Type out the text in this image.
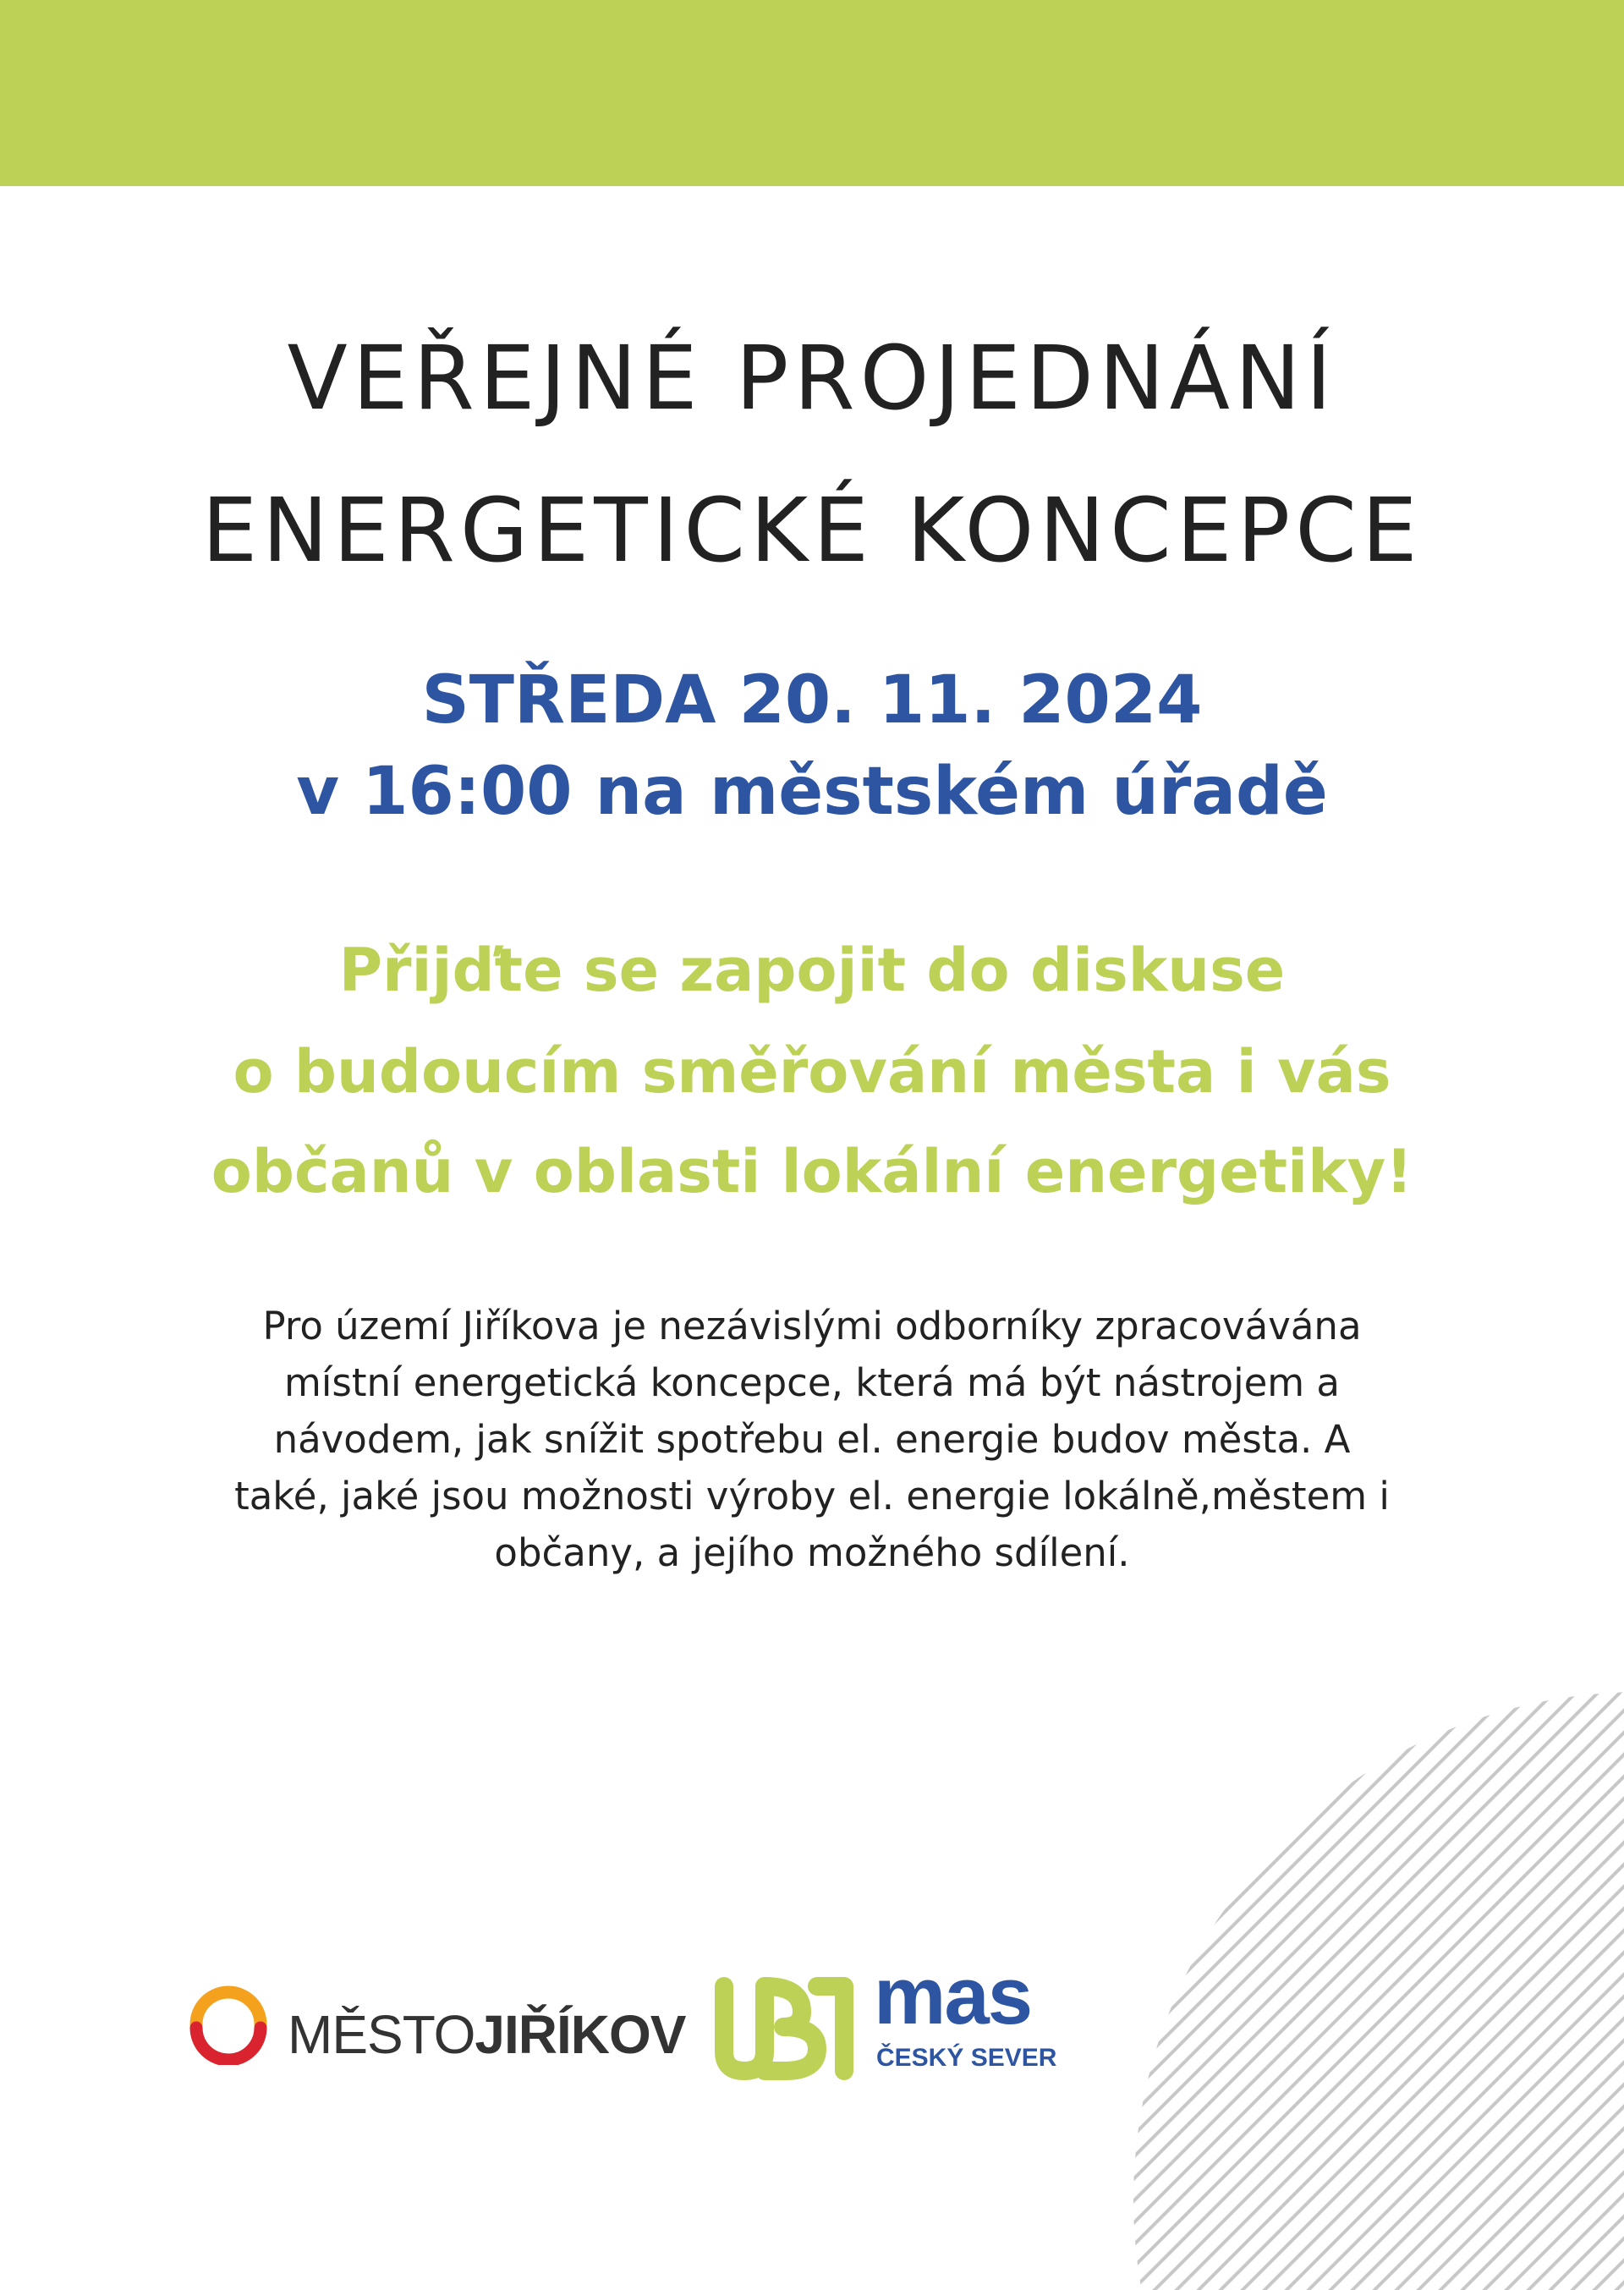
VEŘEJNÉ PROJEDNÁNÍ
ENERGETICKÉ KONCEPCE
STŘEDA 20. 11. 2024
v 16:00 na městském úřadě
Přijďte se zapojit do diskuse
o budoucím směřování města i vás
občanů v oblasti lokální energetiky!
Pro území Jiříkova je nezávislými odborníky zpracovávána
místní energetická koncepce, která má být nástrojem a
návodem, jak snížit spotřebu el. energie budov města. A
také, jaké jsou možnosti výroby el. energie lokálně,městem i
občany, a jejího možného sdílení.
MĚSTOJIŘÍKOV mas
ČESKÝ SEVER
